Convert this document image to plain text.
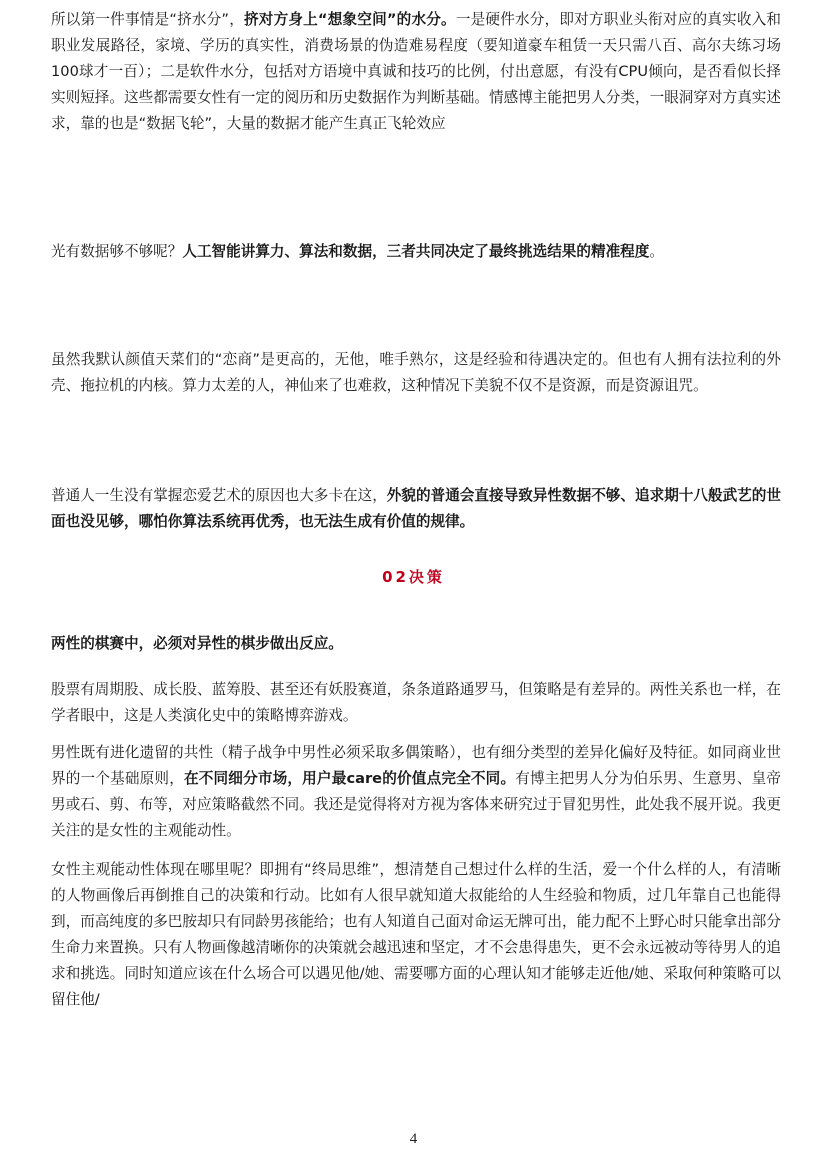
所以第一件事情是“挤水分”，挤对方身上“想象空间”的水分。一是硬件水分，即对方职业头衔对应的真实收入和职业发展路径，家境、学历的真实性，消费场景的伪造难易程度（要知道豪车租赁一天只需八百、高尔夫练习场100球才一百）；二是软件水分，包括对方语境中真诚和技巧的比例，付出意愿，有没有CPU倾向，是否看似长择实则短择。这些都需要女性有一定的阅历和历史数据作为判断基础。情感博主能把男人分类，一眼洞穿对方真实述求，靠的也是“数据飞轮”，大量的数据才能产生真正飞轮效应

光有数据够不够呢？人工智能讲算力、算法和数据，三者共同决定了最终挑选结果的精准程度。

虽然我默认颜值天菜们的“恋商”是更高的，无他，唯手熟尔，这是经验和待遇决定的。但也有人拥有法拉利的外壳、拖拉机的内核。算力太差的人，神仙来了也难救，这种情况下美貌不仅不是资源，而是资源诅咒。

普通人一生没有掌握恋爱艺术的原因也大多卡在这，外貌的普通会直接导致异性数据不够、追求期十八般武艺的世面也没见够，哪怕你算法系统再优秀，也无法生成有价值的规律。

02决策

两性的棋赛中，必须对异性的棋步做出反应。

股票有周期股、成长股、蓝筹股、甚至还有妖股赛道，条条道路通罗马，但策略是有差异的。两性关系也一样，在学者眼中，这是人类演化史中的策略博弈游戏。

男性既有进化遗留的共性（精子战争中男性必须采取多偶策略），也有细分类型的差异化偏好及特征。如同商业世界的一个基础原则，在不同细分市场，用户最care的价值点完全不同。有博主把男人分为伯乐男、生意男、皇帝男或石、剪、布等，对应策略截然不同。我还是觉得将对方视为客体来研究过于冒犯男性，此处我不展开说。我更关注的是女性的主观能动性。

女性主观能动性体现在哪里呢？即拥有“终局思维”，想清楚自己想过什么样的生活，爱一个什么样的人，有清晰的人物画像后再倒推自己的决策和行动。比如有人很早就知道大叔能给的人生经验和物质，过几年靠自己也能得到，而高纯度的多巴胺却只有同龄男孩能给；也有人知道自己面对命运无牌可出，能力配不上野心时只能拿出部分生命力来置换。只有人物画像越清晰你的决策就会越迅速和坚定，才不会患得患失，更不会永远被动等待男人的追求和挑选。同时知道应该在什么场合可以遇见他/她、需要哪方面的心理认知才能够走近他/她、采取何种策略可以留住他/

4
